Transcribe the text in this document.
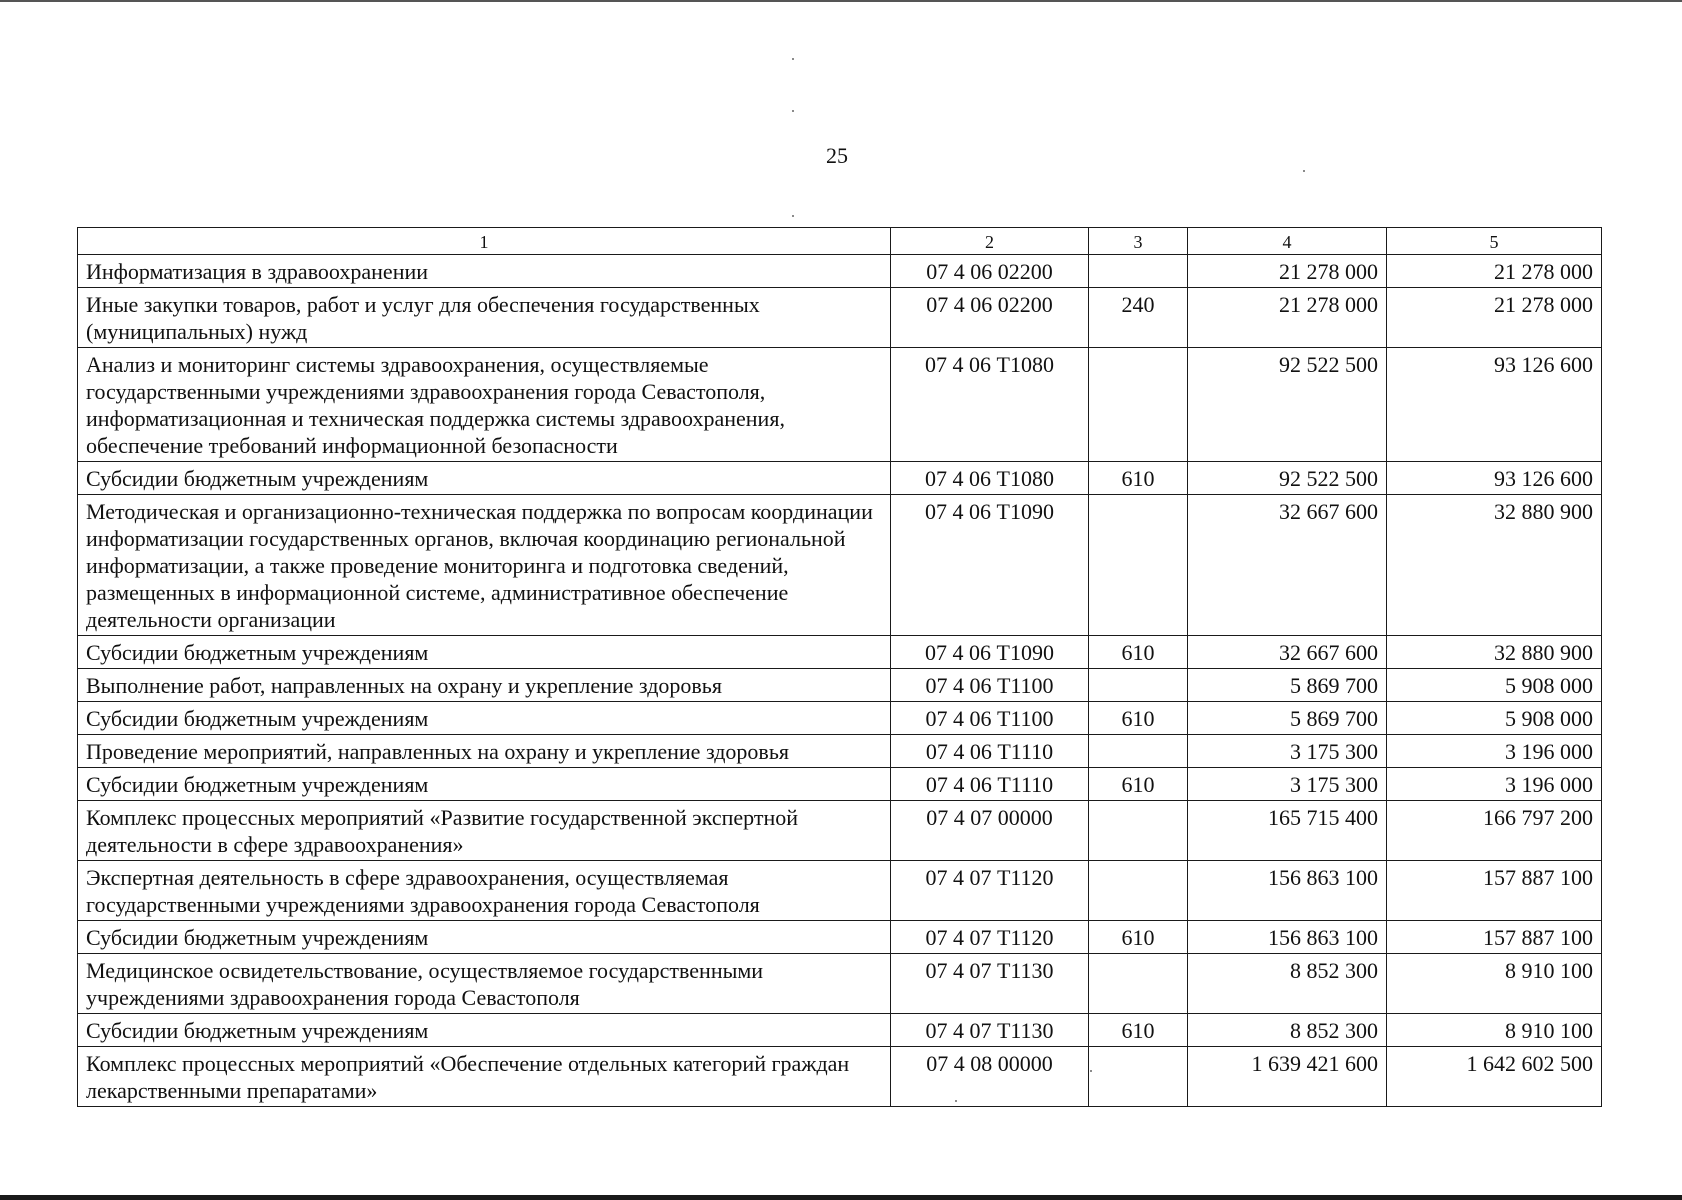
25
1	2	3	4	5
Информатизация в здравоохранении	07 4 06 02200		21 278 000	21 278 000
Иные закупки товаров, работ и услуг для обеспечения государственных (муниципальных) нужд	07 4 06 02200	240	21 278 000	21 278 000
Анализ и мониторинг системы здравоохранения, осуществляемые государственными учреждениями здравоохранения города Севастополя, информатизационная и техническая поддержка системы здравоохранения, обеспечение требований информационной безопасности	07 4 06 Т1080		92 522 500	93 126 600
Субсидии бюджетным учреждениям	07 4 06 Т1080	610	92 522 500	93 126 600
Методическая и организационно-техническая поддержка по вопросам координации информатизации государственных органов, включая координацию региональной информатизации, а также проведение мониторинга и подготовка сведений, размещенных в информационной системе, административное обеспечение деятельности организации	07 4 06 Т1090		32 667 600	32 880 900
Субсидии бюджетным учреждениям	07 4 06 Т1090	610	32 667 600	32 880 900
Выполнение работ, направленных на охрану и укрепление здоровья	07 4 06 Т1100		5 869 700	5 908 000
Субсидии бюджетным учреждениям	07 4 06 Т1100	610	5 869 700	5 908 000
Проведение мероприятий, направленных на охрану и укрепление здоровья	07 4 06 Т1110		3 175 300	3 196 000
Субсидии бюджетным учреждениям	07 4 06 Т1110	610	3 175 300	3 196 000
Комплекс процессных мероприятий «Развитие государственной экспертной деятельности в сфере здравоохранения»	07 4 07 00000		165 715 400	166 797 200
Экспертная деятельность в сфере здравоохранения, осуществляемая государственными учреждениями здравоохранения города Севастополя	07 4 07 Т1120		156 863 100	157 887 100
Субсидии бюджетным учреждениям	07 4 07 Т1120	610	156 863 100	157 887 100
Медицинское освидетельствование, осуществляемое государственными учреждениями здравоохранения города Севастополя	07 4 07 Т1130		8 852 300	8 910 100
Субсидии бюджетным учреждениям	07 4 07 Т1130	610	8 852 300	8 910 100
Комплекс процессных мероприятий «Обеспечение отдельных категорий граждан лекарственными препаратами»	07 4 08 00000		1 639 421 600	1 642 602 500
